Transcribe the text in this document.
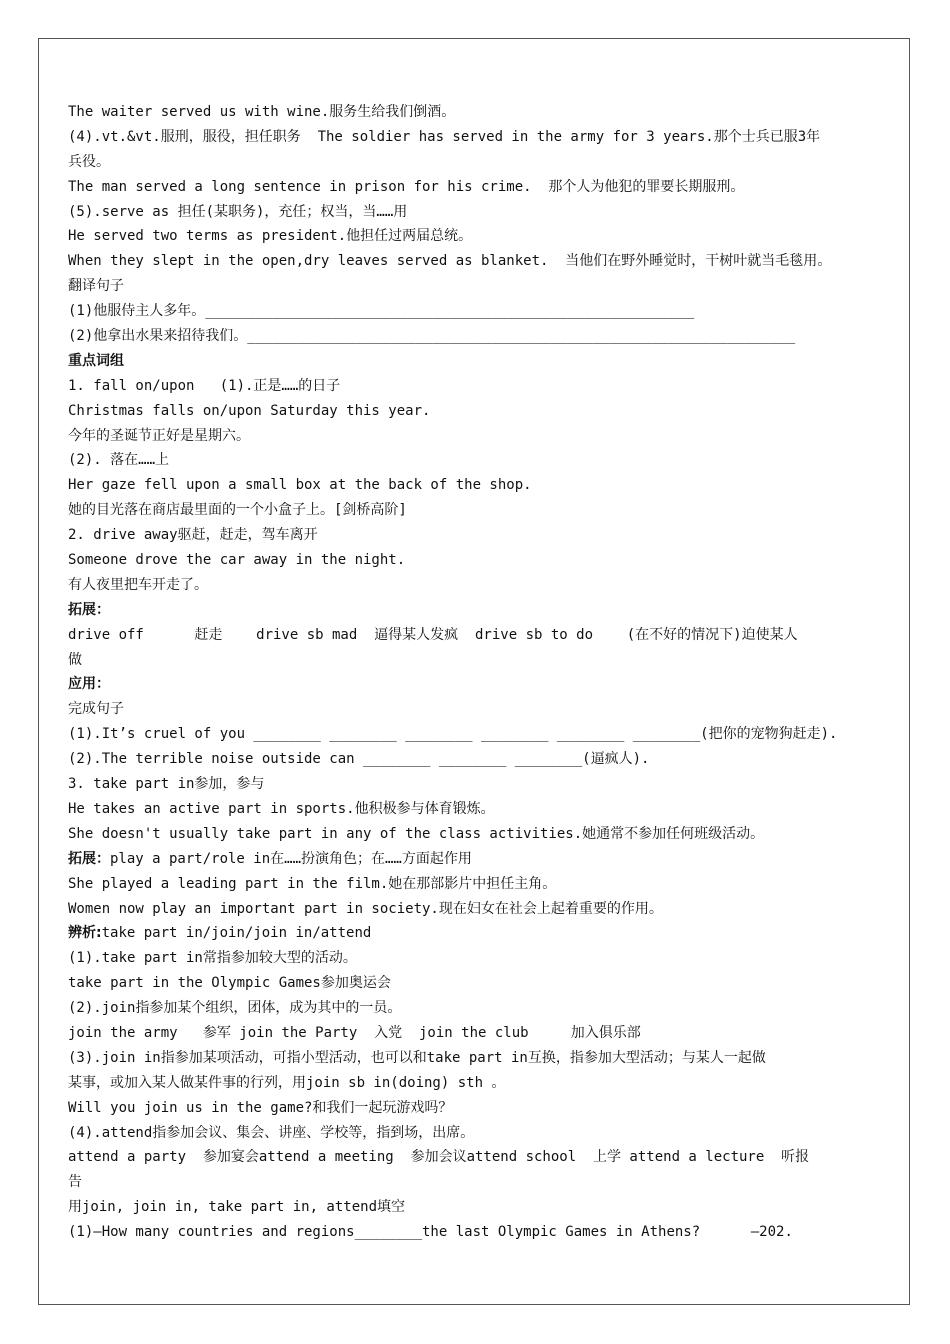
The waiter served us with wine.服务生给我们倒酒。
(4).vt.&vt.服刑，服役，担任职务  The soldier has served in the army for 3 years.那个士兵已服3年
兵役。
The man served a long sentence in prison for his crime.  那个人为他犯的罪要长期服刑。
(5).serve as 担任(某职务)，充任；权当，当……用
He served two terms as president.他担任过两届总统。
When they slept in the open,dry leaves served as blanket.  当他们在野外睡觉时，干树叶就当毛毯用。
翻译句子
(1)他服侍主人多年。__________________________________________________________
(2)他拿出水果来招待我们。_________________________________________________________________
重点词组
1. fall on/upon   (1).正是……的日子
Christmas falls on/upon Saturday this year.
今年的圣诞节正好是星期六。
(2). 落在……上
Her gaze fell upon a small box at the back of the shop.
她的目光落在商店最里面的一个小盒子上。[剑桥高阶]
2. drive away驱赶，赶走，驾车离开
Someone drove the car away in the night.
有人夜里把车开走了。
拓展：
drive off      赶走    drive sb mad  逼得某人发疯  drive sb to do    (在不好的情况下)迫使某人
做
应用：
完成句子
(1).It’s cruel of you ________ ________ ________ ________ ________ ________(把你的宠物狗赶走).
(2).The terrible noise outside can ________ ________ ________(逼疯人).
3. take part in参加，参与
He takes an active part in sports.他积极参与体育锻炼。
She doesn't usually take part in any of the class activities.她通常不参加任何班级活动。
拓展：play a part/role in在……扮演角色；在……方面起作用
She played a leading part in the film.她在那部影片中担任主角。
Women now play an important part in society.现在妇女在社会上起着重要的作用。
辨析:take part in/join/join in/attend
(1).take part in常指参加较大型的活动。
take part in the Olympic Games参加奥运会
(2).join指参加某个组织，团体，成为其中的一员。
join the army   参军 join the Party  入党  join the club     加入俱乐部
(3).join in指参加某项活动，可指小型活动，也可以和take part in互换，指参加大型活动；与某人一起做
某事，或加入某人做某件事的行列，用join sb in(doing) sth 。
Will you join us in the game?和我们一起玩游戏吗？
(4).attend指参加会议、集会、讲座、学校等，指到场，出席。
attend a party  参加宴会attend a meeting  参加会议attend school  上学 attend a lecture  听报
告
用join, join in, take part in, attend填空
(1)—How many countries and regions________the last Olympic Games in Athens?      —202.
